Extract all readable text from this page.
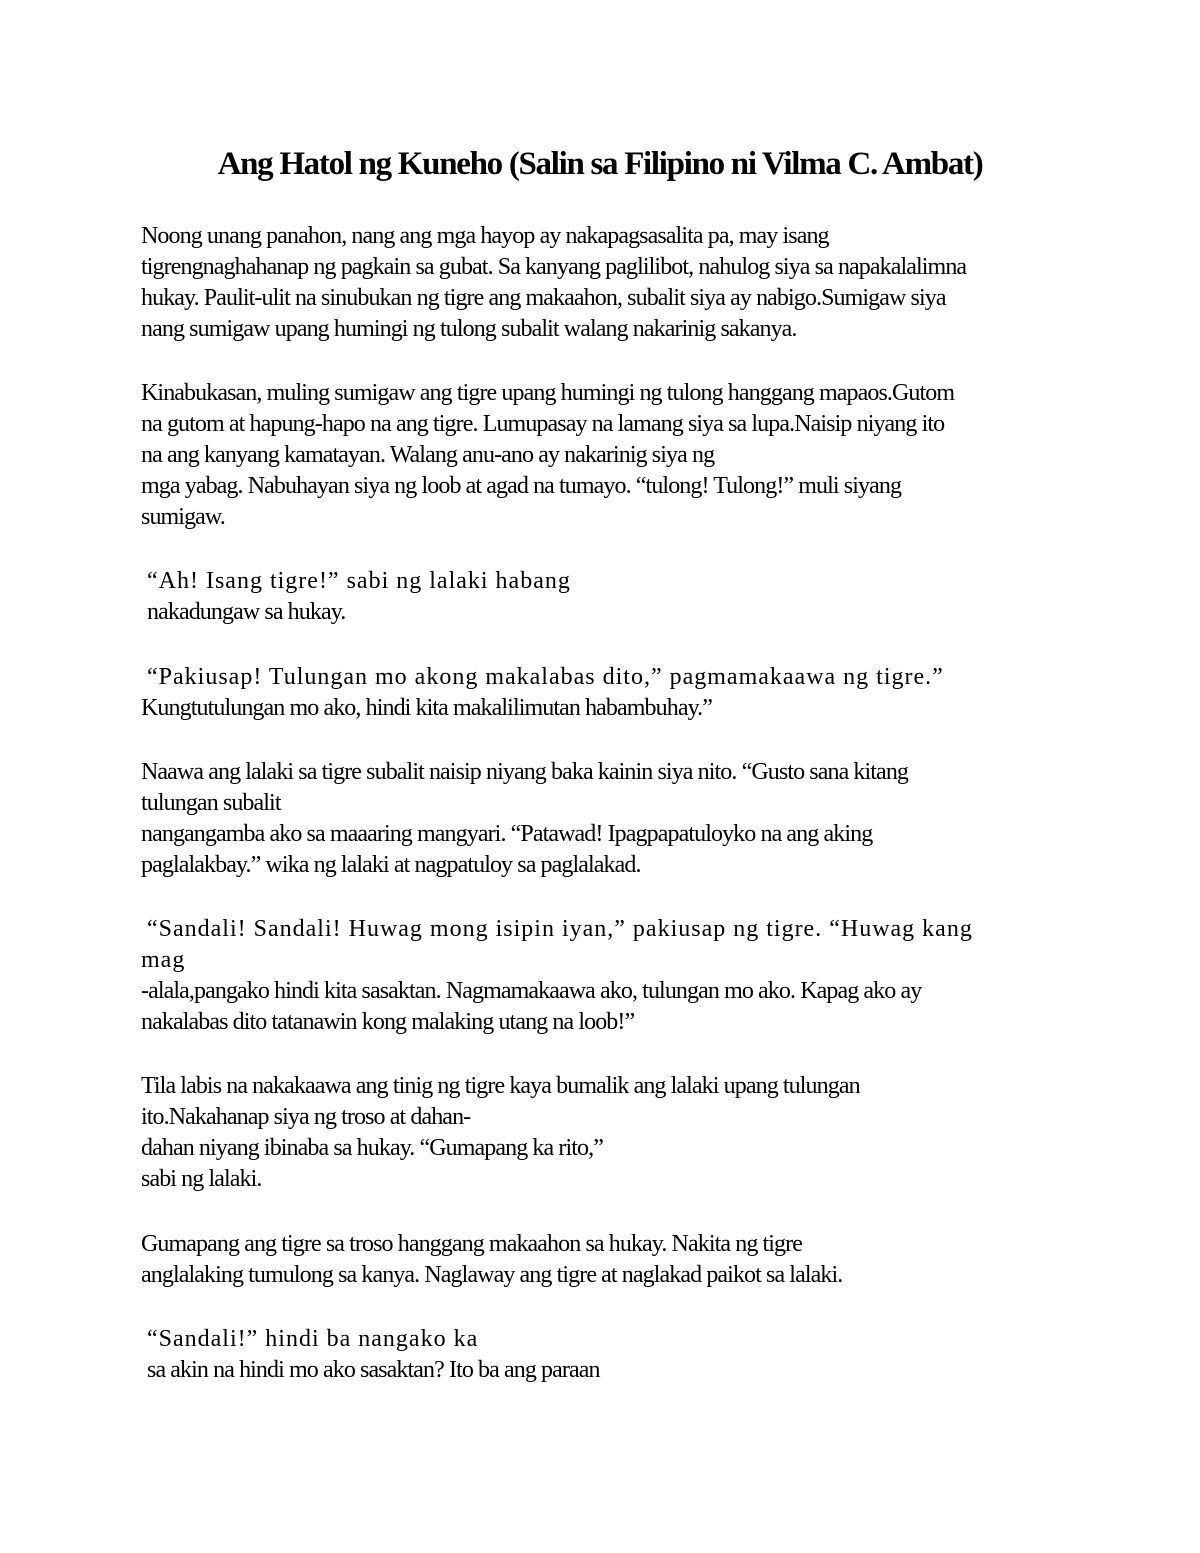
Ang Hatol ng Kuneho (Salin sa Filipino ni Vilma C. Ambat)
Noong unang panahon, nang ang mga hayop ay nakapagsasalita pa, may isang
tigrengnaghahanap ng pagkain sa gubat. Sa kanyang paglilibot, nahulog siya sa napakalalimna
hukay. Paulit-ulit na sinubukan ng tigre ang makaahon, subalit siya ay nabigo.Sumigaw siya
nang sumigaw upang humingi ng tulong subalit walang nakarinig sakanya.
Kinabukasan, muling sumigaw ang tigre upang humingi ng tulong hanggang mapaos.Gutom
na gutom at hapung-hapo na ang tigre. Lumupasay na lamang siya sa lupa.Naisip niyang ito
na ang kanyang kamatayan. Walang anu-ano ay nakarinig siya ng
mga yabag. Nabuhayan siya ng loob at agad na tumayo. “tulong! Tulong!” muli siyang
sumigaw.
“Ah! Isang tigre!” sabi ng lalaki habang
nakadungaw sa hukay.
“Pakiusap! Tulungan mo akong makalabas dito,” pagmamakaawa ng tigre.”
Kungtutulungan mo ako, hindi kita makalilimutan habambuhay.”
Naawa ang lalaki sa tigre subalit naisip niyang baka kainin siya nito. “Gusto sana kitang
tulungan subalit
nangangamba ako sa maaaring mangyari. “Patawad! Ipagpapatuloyko na ang aking
paglalakbay.” wika ng lalaki at nagpatuloy sa paglalakad.
“Sandali! Sandali! Huwag mong isipin iyan,” pakiusap ng tigre. “Huwag kang
mag
-alala,pangako hindi kita sasaktan. Nagmamakaawa ako, tulungan mo ako. Kapag ako ay
nakalabas dito tatanawin kong malaking utang na loob!”
Tila labis na nakakaawa ang tinig ng tigre kaya bumalik ang lalaki upang tulungan
ito.Nakahanap siya ng troso at dahan-
dahan niyang ibinaba sa hukay. “Gumapang ka rito,”
sabi ng lalaki.
Gumapang ang tigre sa troso hanggang makaahon sa hukay. Nakita ng tigre
anglalaking tumulong sa kanya. Naglaway ang tigre at naglakad paikot sa lalaki.
“Sandali!” hindi ba nangako ka
sa akin na hindi mo ako sasaktan? Ito ba ang paraan
